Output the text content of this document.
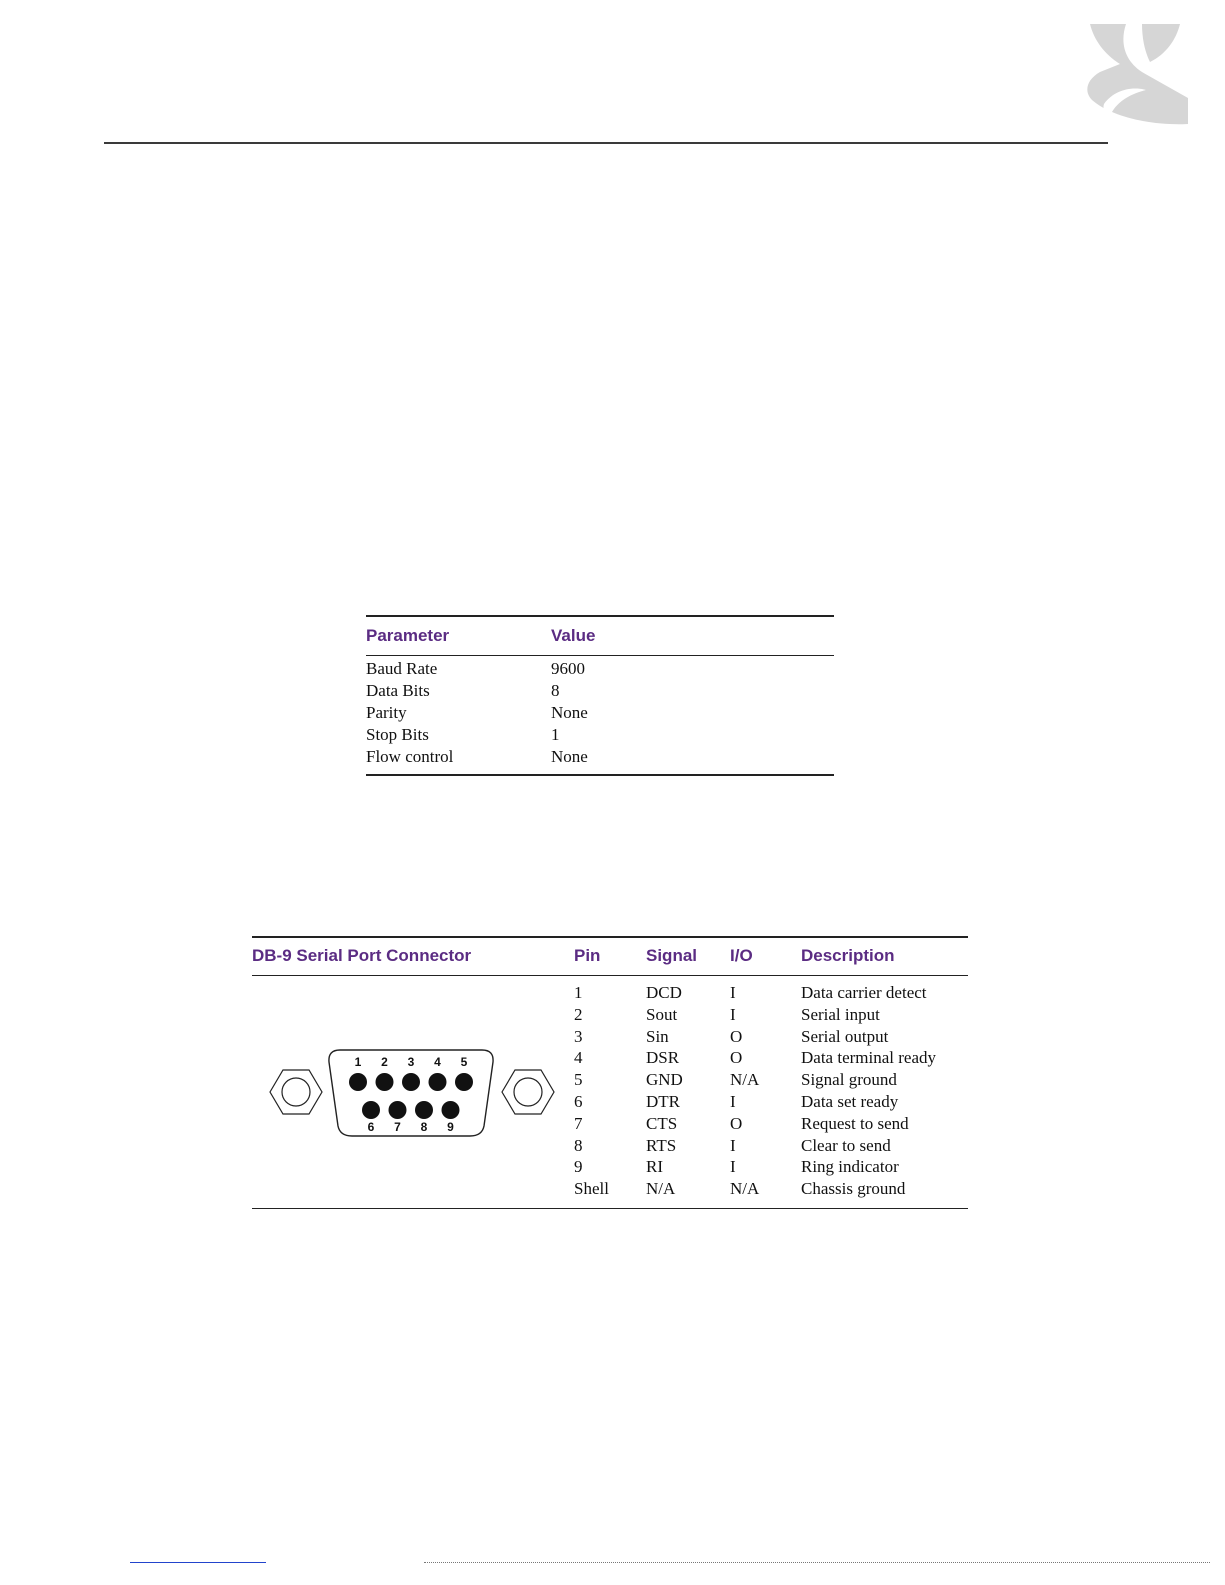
Parameter	Value
Baud Rate	9600
Data Bits	8
Parity	None
Stop Bits	1
Flow control	None
DB-9 Serial Port Connector	Pin	Signal	I/O	Description
1 2 3 4 5
6 7 8 9
1	DCD	I	Data carrier detect
2	Sout	I	Serial input
3	Sin	O	Serial output
4	DSR	O	Data terminal ready
5	GND	N/A	Signal ground
6	DTR	I	Data set ready
7	CTS	O	Request to send
8	RTS	I	Clear to send
9	RI	I	Ring indicator
Shell	N/A	N/A	Chassis ground
